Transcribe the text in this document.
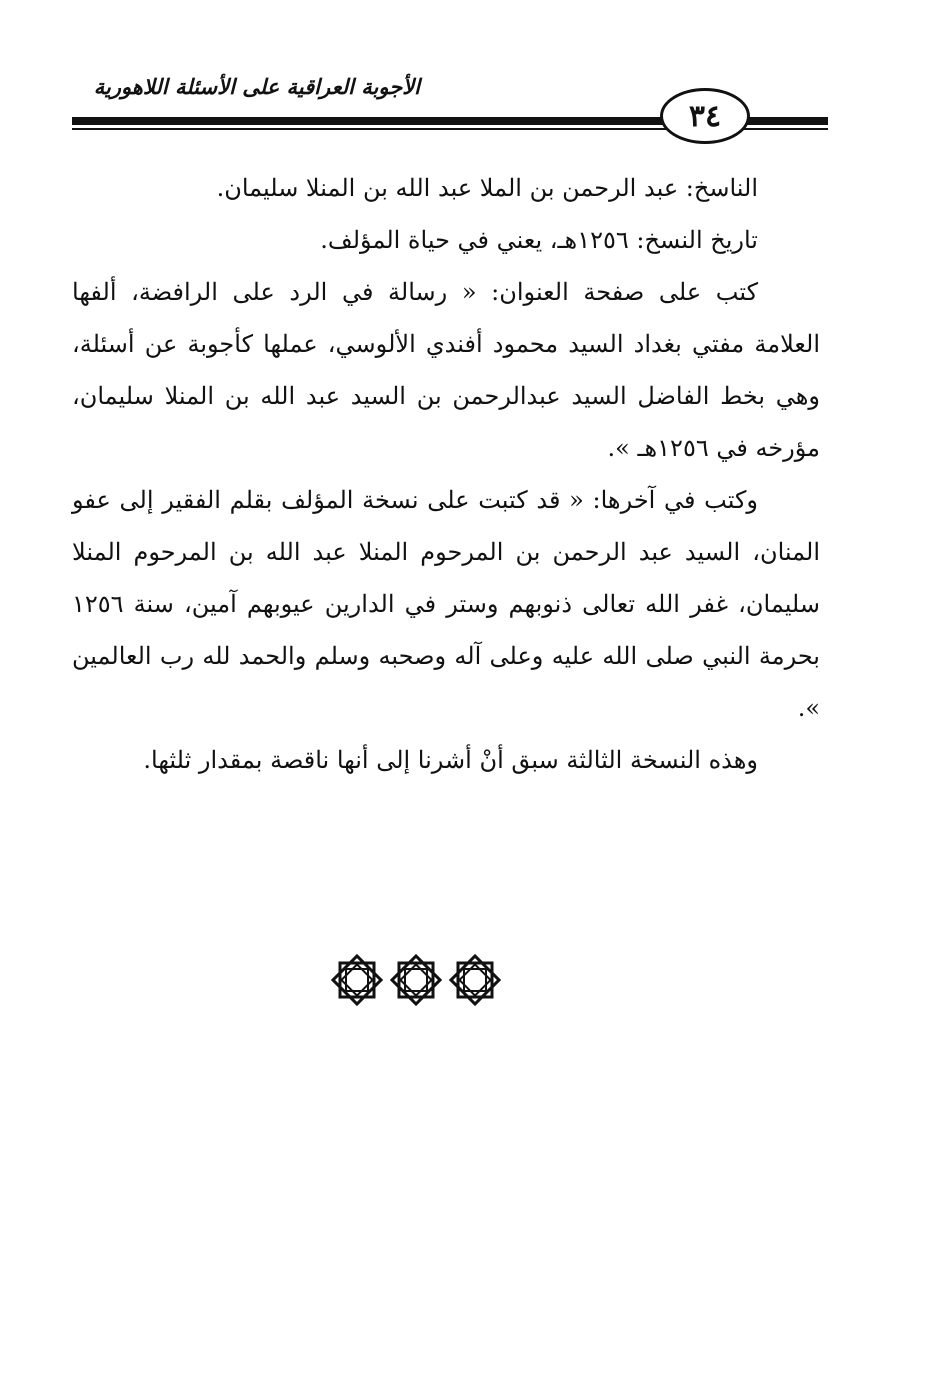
الأجوبة العراقية على الأسئلة اللاهورية
٣٤

الناسخ: عبد الرحمن بن الملا عبد الله بن المنلا سليمان.

تاريخ النسخ: ١٢٥٦هـ، يعني في حياة المؤلف.

كتب على صفحة العنوان: « رسالة في الرد على الرافضة، ألفها العلامة مفتي بغداد السيد محمود أفندي الألوسي، عملها كأجوبة عن أسئلة، وهي بخط الفاضل السيد عبدالرحمن بن السيد عبد الله بن المنلا سليمان، مؤرخه في ١٢٥٦هـ ».

وكتب في آخرها: « قد كتبت على نسخة المؤلف بقلم الفقير إلى عفو المنان، السيد عبد الرحمن بن المرحوم المنلا عبد الله بن المرحوم المنلا سليمان، غفر الله تعالى ذنوبهم وستر في الدارين عيوبهم آمين، سنة ١٢٥٦ بحرمة النبي صلى الله عليه وعلى آله وصحبه وسلم والحمد لله رب العالمين ».

وهذه النسخة الثالثة سبق أنْ أشرنا إلى أنها ناقصة بمقدار ثلثها.
